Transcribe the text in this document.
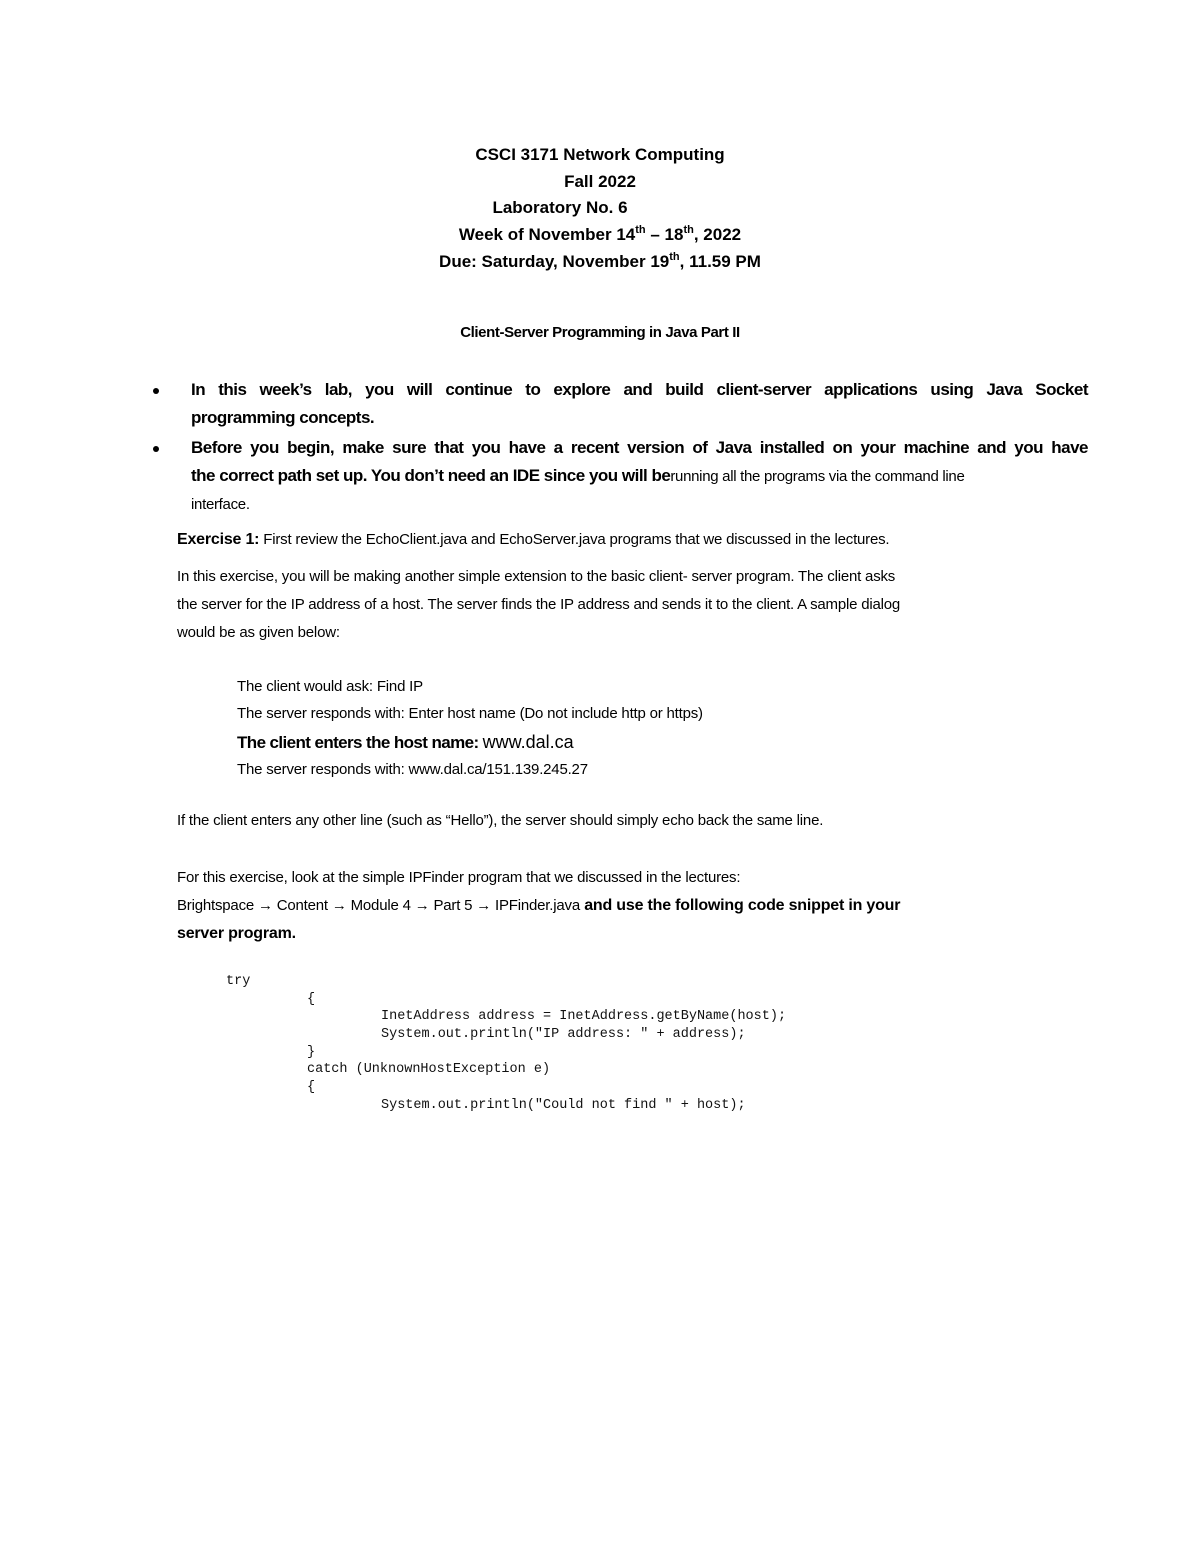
CSCI 3171 Network Computing
Fall 2022
Laboratory No. 6
Week of November 14th – 18th, 2022
Due: Saturday, November 19th, 11.59 PM
Client-Server Programming in Java Part II
In this week’s lab, you will continue to explore and build client-server applications using Java Socket
programming concepts.
Before you begin, make sure that you have a recent version of Java installed on your machine and you have
the correct path set up. You don’t need an IDE since you will berunning all the programs via the command line
interface.
Exercise 1: First review the EchoClient.java and EchoServer.java programs that we discussed in the lectures.
In this exercise, you will be making another simple extension to the basic client- server program. The client asks
the server for the IP address of a host. The server finds the IP address and sends it to the client. A sample dialog
would be as given below:
The client would ask: Find IP
The server responds with: Enter host name (Do not include http or https)
The client enters the host name: www.dal.ca
The server responds with: www.dal.ca/151.139.245.27
If the client enters any other line (such as “Hello”), the server should simply echo back the same line.
For this exercise, look at the simple IPFinder program that we discussed in the lectures:
Brightspace → Content → Module 4 → Part 5 → IPFinder.java and use the following code snippet in your
server program.
try
{
InetAddress address = InetAddress.getByName(host);
System.out.println("IP address: " + address);
}
catch (UnknownHostException e)
{
System.out.println("Could not find " + host);
